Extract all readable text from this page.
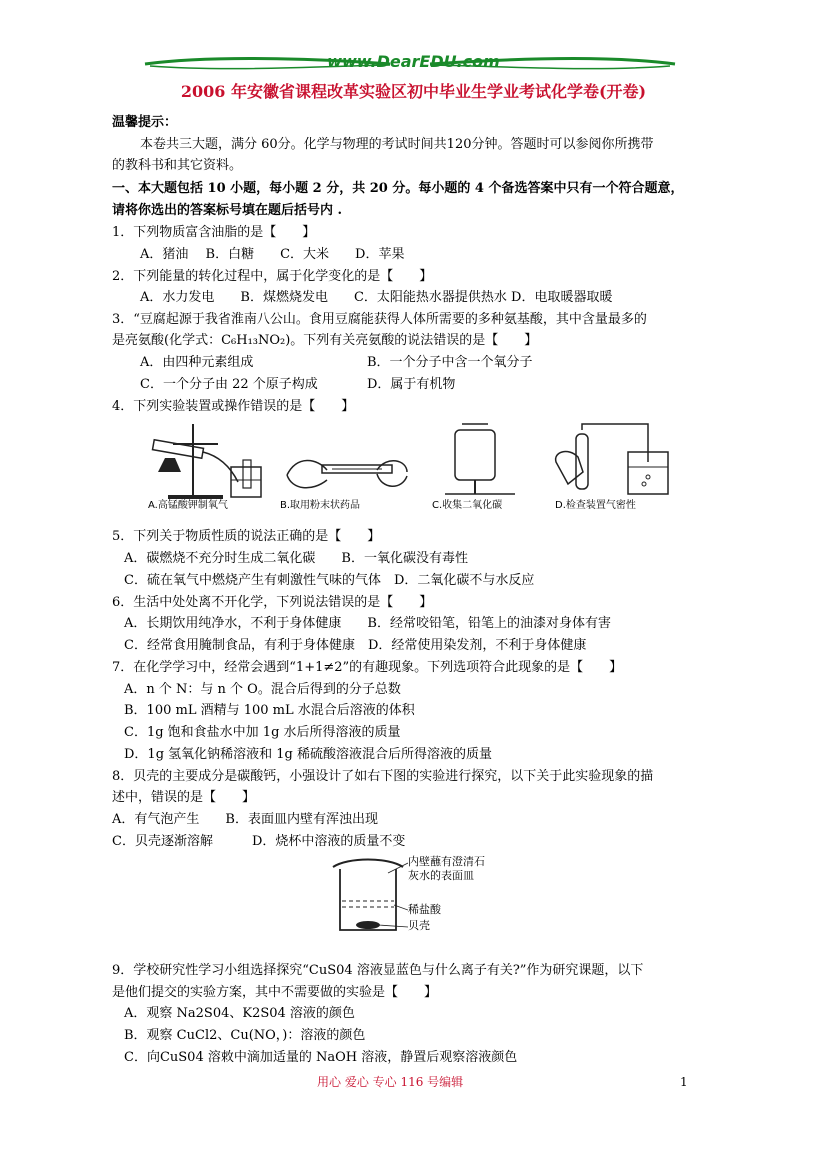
www.DearEDU.com
2006 年安徽省课程改革实验区初中毕业生学业考试化学卷(开卷)
温馨提示：
本卷共三大题，满分 60分。化学与物理的考试时间共120分钟。答题时可以参阅你所携带
的教科书和其它资料。
一、本大题包括 10 小题，每小题 2 分，共 20 分。每小题的 4 个备选答案中只有一个符合题意，
请将你选出的答案标号填在题后括号内 .
1．下列物质富含油脂的是【　　】
A．猪油　 B．白糖　　C．大米　　D．苹果
2．下列能量的转化过程中，属于化学变化的是【　　】
A．水力发电　　B．煤燃烧发电　　C．太阳能热水器提供热水 D．电取暖器取暖
3．“豆腐起源于我省淮南八公山。食用豆腐能获得人体所需要的多种氨基酸，其中含量最多的
是亮氨酸(化学式：C₆H₁₃NO₂)。下列有关亮氨酸的说法错误的是【　　】
A．由四种元素组成	B．一个分子中含一个氧分子
C．一个分子由 22 个原子构成	D．属于有机物
4．下列实验装置或操作错误的是【　　】
A.高锰酸钾制氧气	B.取用粉末状药品	C.收集二氧化碳	D.检查装置气密性
5．下列关于物质性质的说法正确的是【　　】
A．碳燃烧不充分时生成二氧化碳　　B．一氧化碳没有毒性
C．硫在氧气中燃烧产生有刺激性气味的气体　D．二氧化碳不与水反应
6．生活中处处离不开化学，下列说法错误的是【　　】
A．长期饮用纯净水，不利于身体健康　　B．经常咬铅笔，铅笔上的油漆对身体有害
C．经常食用腌制食品，有利于身体健康　D．经常使用染发剂，不利于身体健康
7．在化学学习中，经常会遇到“1+1≠2”的有趣现象。下列选项符合此现象的是【　　】
A．n 个 N：与 n 个 O。混合后得到的分子总数
B．100 mL 酒精与 100 mL 水混合后溶液的体积
C．1g 饱和食盐水中加 1g 水后所得溶液的质量
D．1g 氢氧化钠稀溶液和 1g 稀硫酸溶液混合后所得溶液的质量
8．贝壳的主要成分是碳酸钙，小强设计了如右下图的实验进行探究，以下关于此实验现象的描
述中，错误的是【　　】
A．有气泡产生　　B．表面皿内壁有浑浊出现
C．贝壳逐渐溶解　　　D．烧杯中溶液的质量不变
内壁蘸有澄清石
灰水的表面皿
稀盐酸
贝壳
9．学校研究性学习小组选择探究“CuS04 溶液显蓝色与什么离子有关?”作为研究课题，以下
是他们提交的实验方案，其中不需要做的实验是【　　】
A．观察 Na2S04、K2S04 溶液的颜色
B．观察 CuCl2、Cu(NO，)：溶液的颜色
C．向CuS04 溶敕中滴加适量的 NaOH 溶液，静置后观察溶液颜色
用心 爱心 专心 116 号编辑	1
